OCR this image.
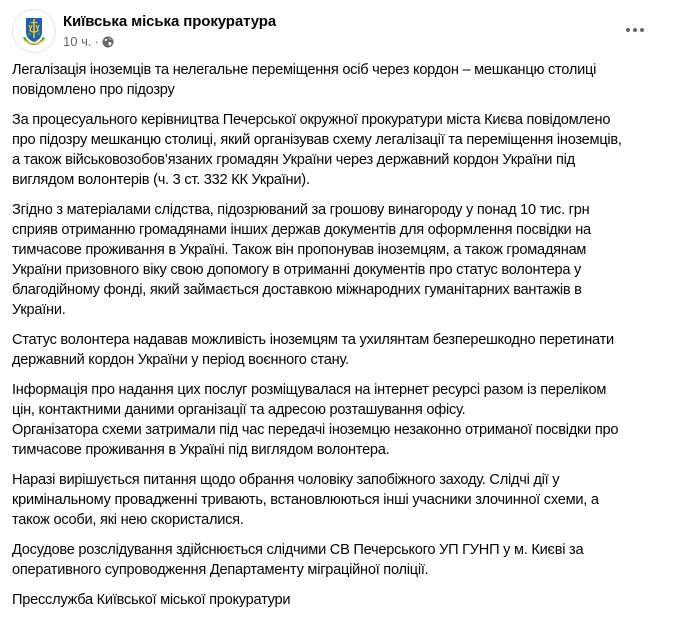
Київська міська прокуратура
10 ч. ·

Легалізація іноземців та нелегальне переміщення осіб через кордон – мешканцю столиці
повідомлено про підозру

За процесуального керівництва Печерської окружної прокуратури міста Києва повідомлено
про підозру мешканцю столиці, який організував схему легалізації та переміщення іноземців,
а також військовозобов’язаних громадян України через державний кордон України під
виглядом волонтерів (ч. 3 ст. 332 КК України).

Згідно з матеріалами слідства, підозрюваний за грошову винагороду у понад 10 тис. грн
сприяв отриманню громадянами інших держав документів для оформлення посвідки на
тимчасове проживання в Україні. Також він пропонував іноземцям, а також громадянам
України призовного віку свою допомогу в отриманні документів про статус волонтера у
благодійному фонді, який займається доставкою міжнародних гуманітарних вантажів в
України.

Статус волонтера надавав можливість іноземцям та ухилянтам безперешкодно перетинати
державний кордон України у період воєнного стану.

Інформація про надання цих послуг розміщувалася на інтернет ресурсі разом із переліком
цін, контактними даними організації та адресою розташування офісу.
Організатора схеми затримали під час передачі іноземцю незаконно отриманої посвідки про
тимчасове проживання в Україні під виглядом волонтера.

Наразі вирішується питання щодо обрання чоловіку запобіжного заходу. Слідчі дії у
кримінальному провадженні тривають, встановлюються інші учасники злочинної схеми, а
також особи, які нею скористалися.

Досудове розслідування здійснюється слідчими СВ Печерського УП ГУНП у м. Києві за
оперативного супроводження Департаменту міграційної поліції.

Пресслужба Київської міської прокуратури
